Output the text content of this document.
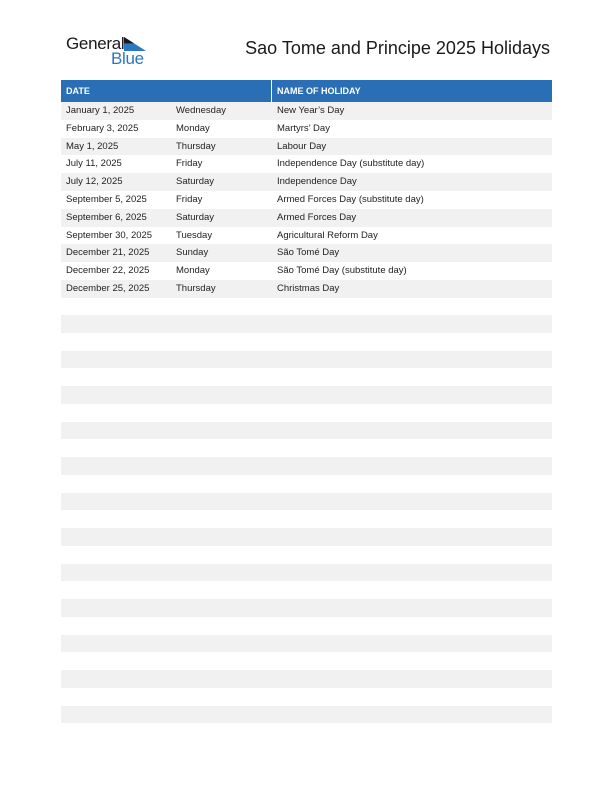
General
Blue
Sao Tome and Principe 2025 Holidays
DATE	NAME OF HOLIDAY
January 1, 2025	Wednesday	New Year’s Day
February 3, 2025	Monday	Martyrs’ Day
May 1, 2025	Thursday	Labour Day
July 11, 2025	Friday	Independence Day (substitute day)
July 12, 2025	Saturday	Independence Day
September 5, 2025	Friday	Armed Forces Day (substitute day)
September 6, 2025	Saturday	Armed Forces Day
September 30, 2025	Tuesday	Agricultural Reform Day
December 21, 2025	Sunday	São Tomé Day
December 22, 2025	Monday	São Tomé Day (substitute day)
December 25, 2025	Thursday	Christmas Day
